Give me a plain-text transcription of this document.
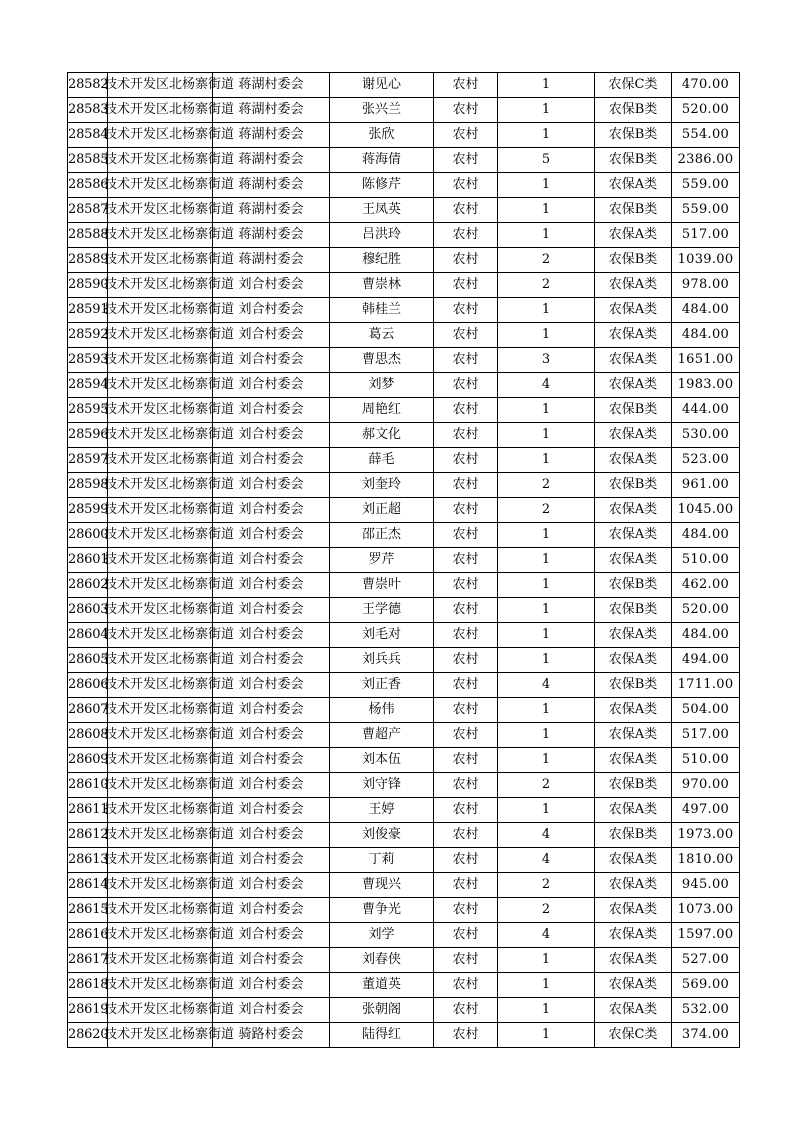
28582	技术开发区北杨寨街道	蒋湖村委会	谢见心	农村	1	农保C类	470.00
28583	技术开发区北杨寨街道	蒋湖村委会	张兴兰	农村	1	农保B类	520.00
28584	技术开发区北杨寨街道	蒋湖村委会	张欣	农村	1	农保B类	554.00
28585	技术开发区北杨寨街道	蒋湖村委会	蒋海倩	农村	5	农保B类	2386.00
28586	技术开发区北杨寨街道	蒋湖村委会	陈修芹	农村	1	农保A类	559.00
28587	技术开发区北杨寨街道	蒋湖村委会	王凤英	农村	1	农保B类	559.00
28588	技术开发区北杨寨街道	蒋湖村委会	吕洪玲	农村	1	农保A类	517.00
28589	技术开发区北杨寨街道	蒋湖村委会	穆纪胜	农村	2	农保B类	1039.00
28590	技术开发区北杨寨街道	刘合村委会	曹崇林	农村	2	农保A类	978.00
28591	技术开发区北杨寨街道	刘合村委会	韩桂兰	农村	1	农保A类	484.00
28592	技术开发区北杨寨街道	刘合村委会	葛云	农村	1	农保A类	484.00
28593	技术开发区北杨寨街道	刘合村委会	曹思杰	农村	3	农保A类	1651.00
28594	技术开发区北杨寨街道	刘合村委会	刘梦	农村	4	农保A类	1983.00
28595	技术开发区北杨寨街道	刘合村委会	周艳红	农村	1	农保B类	444.00
28596	技术开发区北杨寨街道	刘合村委会	郝文化	农村	1	农保A类	530.00
28597	技术开发区北杨寨街道	刘合村委会	薛毛	农村	1	农保A类	523.00
28598	技术开发区北杨寨街道	刘合村委会	刘奎玲	农村	2	农保B类	961.00
28599	技术开发区北杨寨街道	刘合村委会	刘正超	农村	2	农保A类	1045.00
28600	技术开发区北杨寨街道	刘合村委会	邵正杰	农村	1	农保A类	484.00
28601	技术开发区北杨寨街道	刘合村委会	罗芹	农村	1	农保A类	510.00
28602	技术开发区北杨寨街道	刘合村委会	曹崇叶	农村	1	农保B类	462.00
28603	技术开发区北杨寨街道	刘合村委会	王学德	农村	1	农保B类	520.00
28604	技术开发区北杨寨街道	刘合村委会	刘毛对	农村	1	农保A类	484.00
28605	技术开发区北杨寨街道	刘合村委会	刘兵兵	农村	1	农保A类	494.00
28606	技术开发区北杨寨街道	刘合村委会	刘正香	农村	4	农保B类	1711.00
28607	技术开发区北杨寨街道	刘合村委会	杨伟	农村	1	农保A类	504.00
28608	技术开发区北杨寨街道	刘合村委会	曹超产	农村	1	农保A类	517.00
28609	技术开发区北杨寨街道	刘合村委会	刘本伍	农村	1	农保A类	510.00
28610	技术开发区北杨寨街道	刘合村委会	刘守锋	农村	2	农保B类	970.00
28611	技术开发区北杨寨街道	刘合村委会	王婷	农村	1	农保A类	497.00
28612	技术开发区北杨寨街道	刘合村委会	刘俊豪	农村	4	农保B类	1973.00
28613	技术开发区北杨寨街道	刘合村委会	丁莉	农村	4	农保A类	1810.00
28614	技术开发区北杨寨街道	刘合村委会	曹现兴	农村	2	农保A类	945.00
28615	技术开发区北杨寨街道	刘合村委会	曹争光	农村	2	农保A类	1073.00
28616	技术开发区北杨寨街道	刘合村委会	刘学	农村	4	农保A类	1597.00
28617	技术开发区北杨寨街道	刘合村委会	刘春侠	农村	1	农保A类	527.00
28618	技术开发区北杨寨街道	刘合村委会	董道英	农村	1	农保A类	569.00
28619	技术开发区北杨寨街道	刘合村委会	张朝阁	农村	1	农保A类	532.00
28620	技术开发区北杨寨街道	骑路村委会	陆得红	农村	1	农保C类	374.00
